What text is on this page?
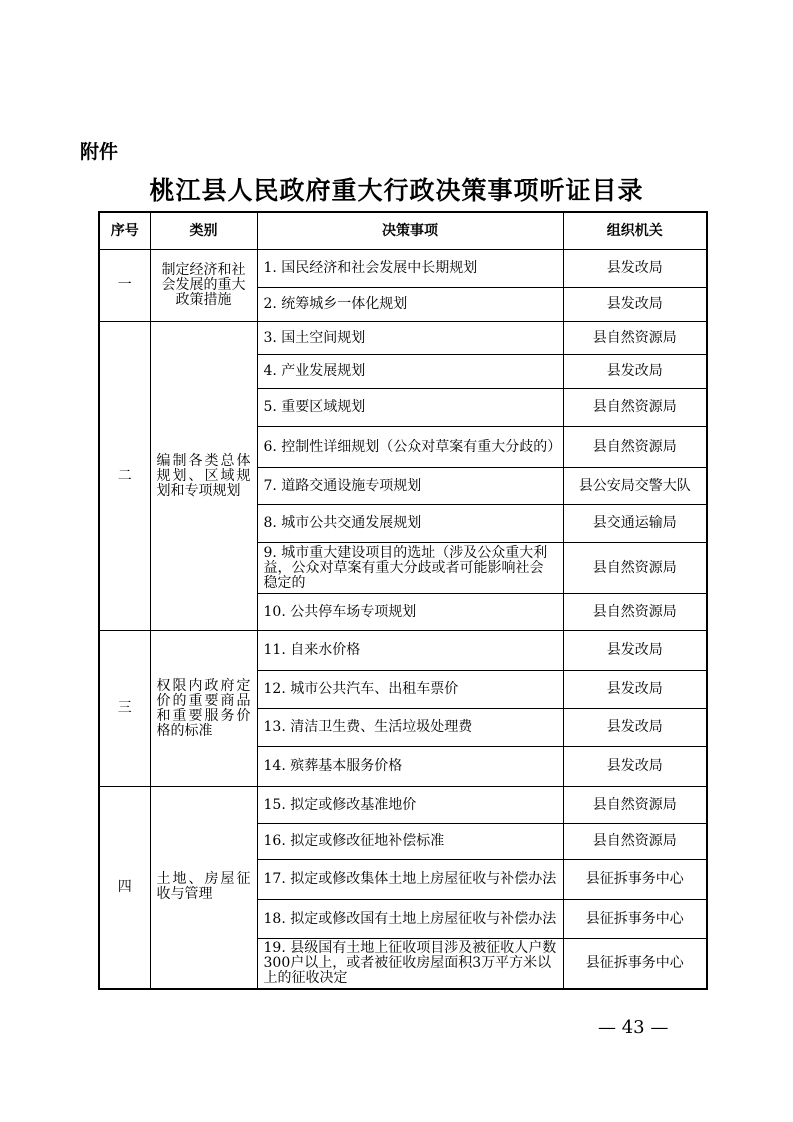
附件
桃江县人民政府重大行政决策事项听证目录
序号	类别	决策事项	组织机关
一	制定经济和社会发展的重大政策措施	1. 国民经济和社会发展中长期规划	县发改局
		2. 统筹城乡一体化规划	县发改局
二	编制各类总体规划、区域规划和专项规划	3. 国土空间规划	县自然资源局
		4. 产业发展规划	县发改局
		5. 重要区域规划	县自然资源局
		6. 控制性详细规划（公众对草案有重大分歧的）	县自然资源局
		7. 道路交通设施专项规划	县公安局交警大队
		8. 城市公共交通发展规划	县交通运输局
		9. 城市重大建设项目的选址（涉及公众重大利益，公众对草案有重大分歧或者可能影响社会稳定的	县自然资源局
		10. 公共停车场专项规划	县自然资源局
三	权限内政府定价的重要商品和重要服务价格的标准	11. 自来水价格	县发改局
		12. 城市公共汽车、出租车票价	县发改局
		13. 清洁卫生费、生活垃圾处理费	县发改局
		14. 殡葬基本服务价格	县发改局
四	土地、房屋征收与管理	15. 拟定或修改基准地价	县自然资源局
		16. 拟定或修改征地补偿标准	县自然资源局
		17. 拟定或修改集体土地上房屋征收与补偿办法	县征拆事务中心
		18. 拟定或修改国有土地上房屋征收与补偿办法	县征拆事务中心
		19. 县级国有土地上征收项目涉及被征收人户数300户以上，或者被征收房屋面积3万平方米以上的征收决定	县征拆事务中心
— 43 —
